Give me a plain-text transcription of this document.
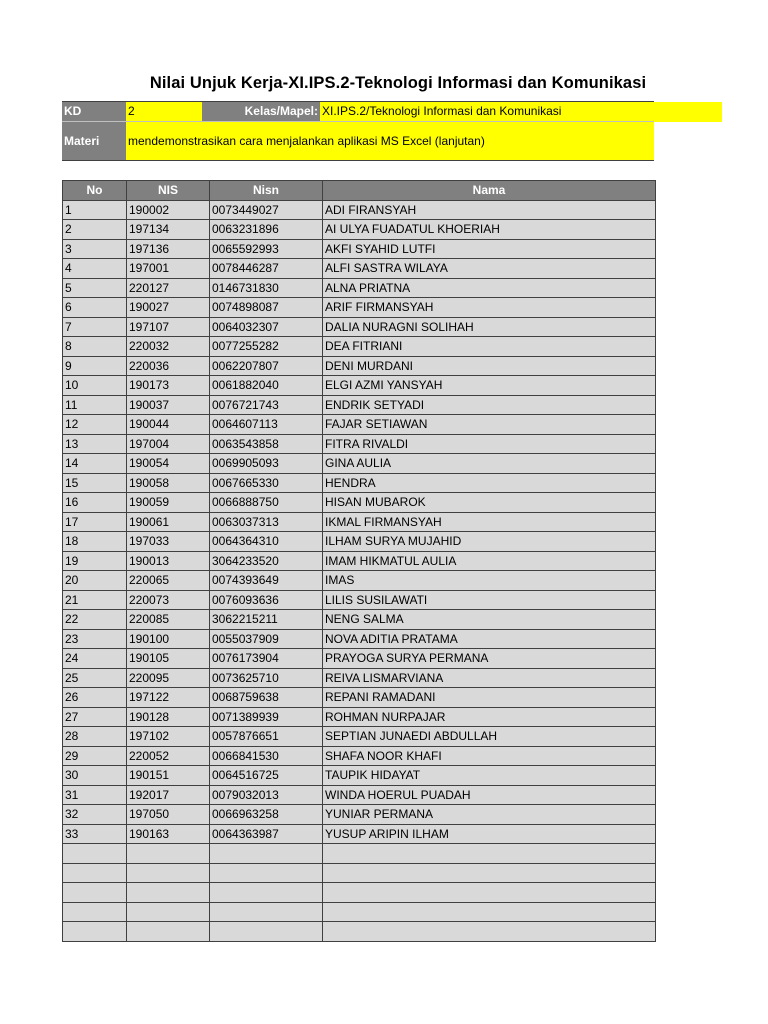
Nilai Unjuk Kerja-XI.IPS.2-Teknologi Informasi dan Komunikasi
KD	2	Kelas/Mapel: XI.IPS.2/Teknologi Informasi dan Komunikasi
Materi	mendemonstrasikan cara menjalankan aplikasi MS Excel (lanjutan)
No	NIS	Nisn	Nama
1	190002	0073449027	ADI FIRANSYAH
2	197134	0063231896	AI ULYA FUADATUL KHOERIAH
3	197136	0065592993	AKFI SYAHID LUTFI
4	197001	0078446287	ALFI SASTRA WILAYA
5	220127	0146731830	ALNA PRIATNA
6	190027	0074898087	ARIF FIRMANSYAH
7	197107	0064032307	DALIA NURAGNI SOLIHAH
8	220032	0077255282	DEA FITRIANI
9	220036	0062207807	DENI MURDANI
10	190173	0061882040	ELGI AZMI YANSYAH
11	190037	0076721743	ENDRIK SETYADI
12	190044	0064607113	FAJAR SETIAWAN
13	197004	0063543858	FITRA RIVALDI
14	190054	0069905093	GINA AULIA
15	190058	0067665330	HENDRA
16	190059	0066888750	HISAN MUBAROK
17	190061	0063037313	IKMAL FIRMANSYAH
18	197033	0064364310	ILHAM SURYA MUJAHID
19	190013	3064233520	IMAM HIKMATUL AULIA
20	220065	0074393649	IMAS
21	220073	0076093636	LILIS SUSILAWATI
22	220085	3062215211	NENG SALMA
23	190100	0055037909	NOVA ADITIA PRATAMA
24	190105	0076173904	PRAYOGA SURYA PERMANA
25	220095	0073625710	REIVA LISMARVIANA
26	197122	0068759638	REPANI RAMADANI
27	190128	0071389939	ROHMAN NURPAJAR
28	197102	0057876651	SEPTIAN JUNAEDI ABDULLAH
29	220052	0066841530	SHAFA NOOR KHAFI
30	190151	0064516725	TAUPIK HIDAYAT
31	192017	0079032013	WINDA HOERUL PUADAH
32	197050	0066963258	YUNIAR PERMANA
33	190163	0064363987	YUSUP ARIPIN ILHAM
